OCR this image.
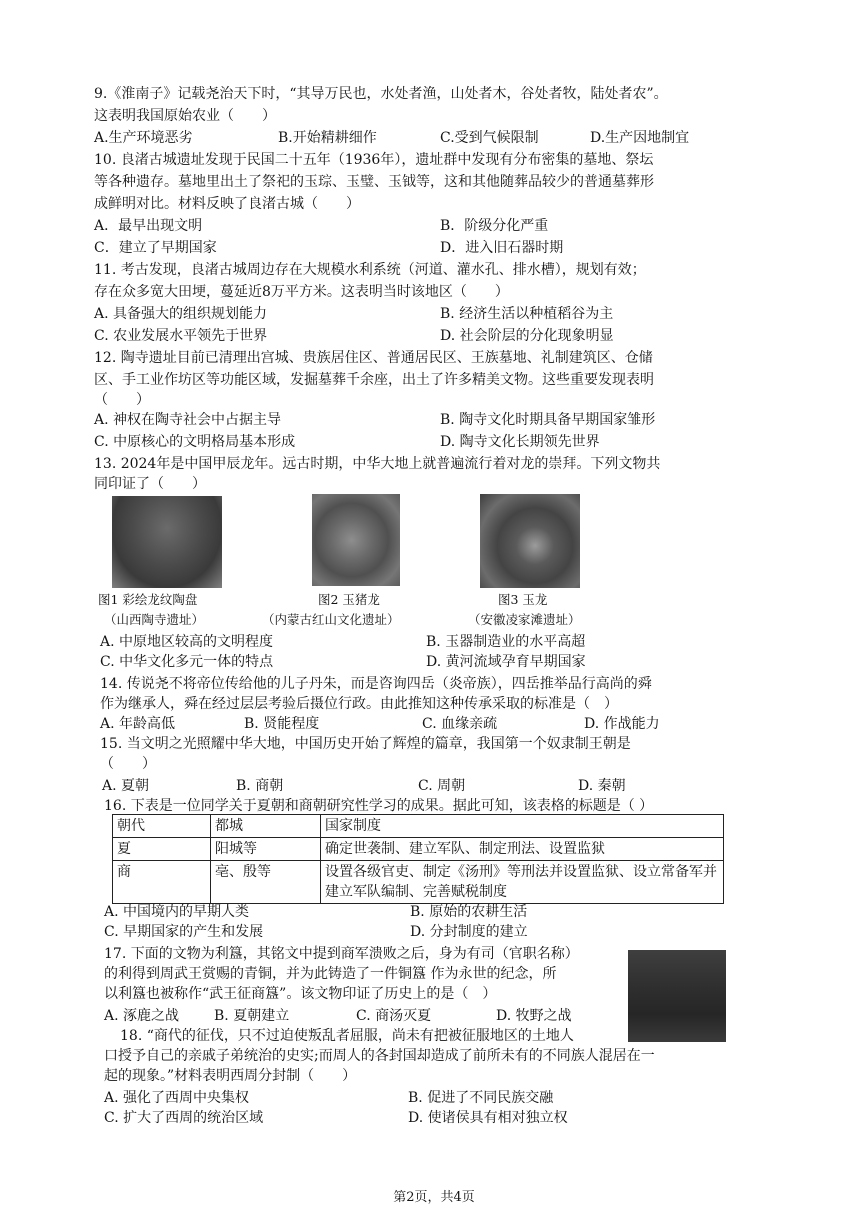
9.《淮南子》记载尧治天下时，“其导万民也，水处者渔，山处者木，谷处者牧，陆处者农”。
这表明我国原始农业（　　）
A.生产环境恶劣	B.开始精耕细作	C.受到气候限制	D.生产因地制宜
10. 良渚古城遗址发现于民国二十五年（1936年），遗址群中发现有分布密集的墓地、祭坛
等各种遗存。墓地里出土了祭祀的玉琮、玉璧、玉钺等，这和其他随葬品较少的普通墓葬形
成鲜明对比。材料反映了良渚古城（　　）
A．最早出现文明	B．阶级分化严重
C．建立了早期国家	D．进入旧石器时期
11. 考古发现，良渚古城周边存在大规模水利系统（河道、灌水孔、排水槽），规划有效；
存在众多宽大田埂，蔓延近8万平方米。这表明当时该地区（　　）
A. 具备强大的组织规划能力	B. 经济生活以种植稻谷为主
C. 农业发展水平领先于世界	D. 社会阶层的分化现象明显
12. 陶寺遗址目前已清理出宫城、贵族居住区、普通居民区、王族墓地、礼制建筑区、仓储
区、手工业作坊区等功能区域，发掘墓葬千余座，出土了许多精美文物。这些重要发现表明
（　　）
A. 神权在陶寺社会中占据主导	B. 陶寺文化时期具备早期国家雏形
C. 中原核心的文明格局基本形成	D. 陶寺文化长期领先世界
13. 2024年是中国甲辰龙年。远古时期，中华大地上就普遍流行着对龙的崇拜。下列文物共
同印证了（　　）
图1 彩绘龙纹陶盘	图2 玉猪龙	图3 玉龙
（山西陶寺遗址）	（内蒙古红山文化遗址）	（安徽凌家滩遗址）
A. 中原地区较高的文明程度	B. 玉器制造业的水平高超
C. 中华文化多元一体的特点	D. 黄河流域孕育早期国家
14. 传说尧不将帝位传给他的儿子丹朱，而是咨询四岳（炎帝族），四岳推举品行高尚的舜
作为继承人，舜在经过层层考验后摄位行政。由此推知这种传承采取的标准是（　）
A. 年龄高低	B. 贤能程度	C. 血缘亲疏	D. 作战能力
15. 当文明之光照耀中华大地，中国历史开始了辉煌的篇章，我国第一个奴隶制王朝是
（　　）
A. 夏朝	B. 商朝	C. 周朝	D. 秦朝
16. 下表是一位同学关于夏朝和商朝研究性学习的成果。据此可知，该表格的标题是（ ）
朝代	都城	国家制度
夏	阳城等	确定世袭制、建立军队、制定刑法、设置监狱
商	亳、殷等	设置各级官吏、制定《汤刑》等刑法并设置监狱、设立常备军并建立军队编制、完善赋税制度
A. 中国境内的早期人类	B. 原始的农耕生活
C. 早期国家的产生和发展	D. 分封制度的建立
17. 下面的文物为利簋，其铭文中提到商军溃败之后，身为有司（官职名称）
的利得到周武王赏赐的青铜，并为此铸造了一件铜簋 作为永世的纪念，所
以利簋也被称作“武王征商簋”。该文物印证了历史上的是（　）
A. 涿鹿之战 B. 夏朝建立	C. 商汤灭夏	D. 牧野之战
18. “商代的征伐，只不过迫使叛乱者屈服，尚未有把被征服地区的土地人
口授予自己的亲戚子弟统治的史实;而周人的各封国却造成了前所未有的不同族人混居在一
起的现象。”材料表明西周分封制（　　）
A. 强化了西周中央集权	B. 促进了不同民族交融
C. 扩大了西周的统治区域	D. 使诸侯具有相对独立权
第2页，共4页
